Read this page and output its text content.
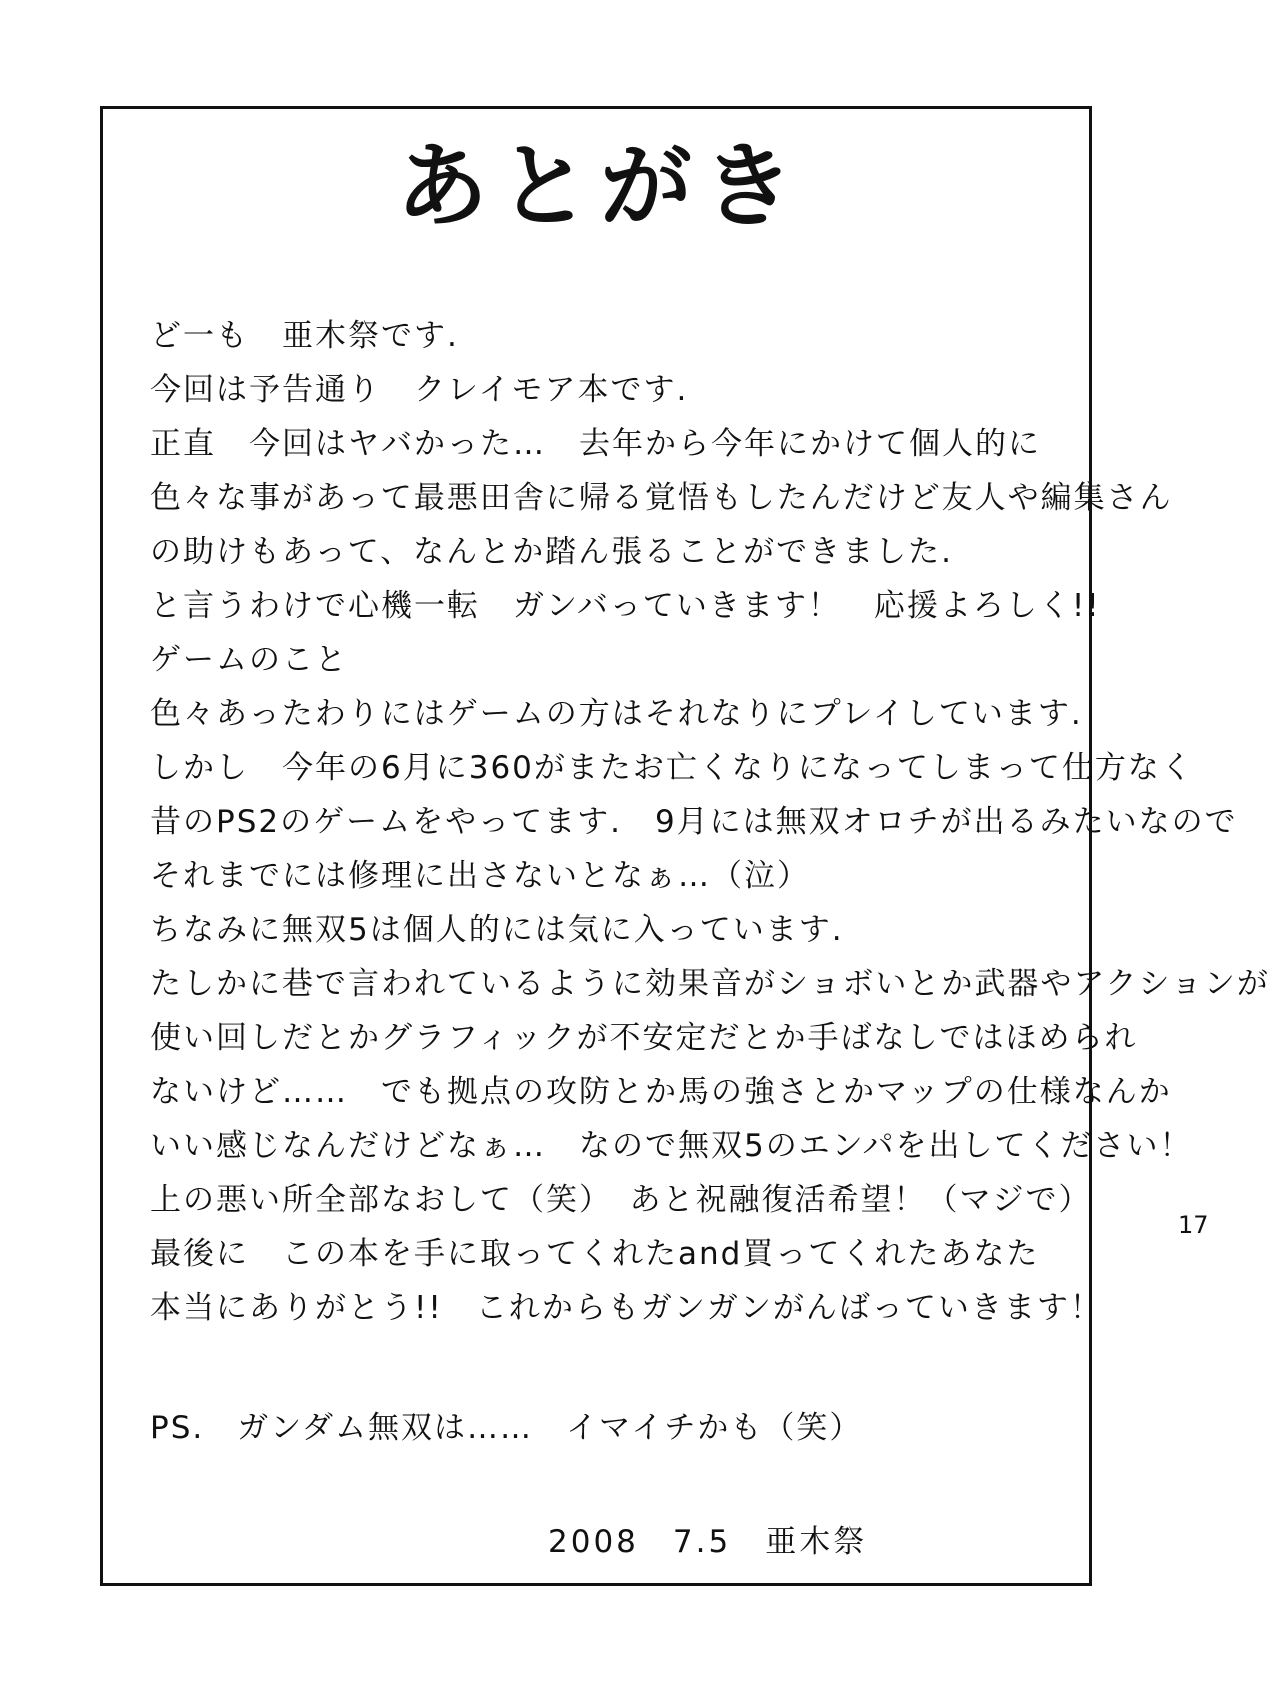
あとがき
ど一も　亜木祭です.
今回は予告通り　クレイモア本です.
正直　今回はヤバかった…　去年から今年にかけて個人的に
色々な事があって最悪田舎に帰る覚悟もしたんだけど友人や編集さん
の助けもあって、なんとか踏ん張ることができました.
と言うわけで心機一転　ガンバっていきます！　応援よろしく!!
ゲームのこと
色々あったわりにはゲームの方はそれなりにプレイしています.
しかし　今年の6月に360がまたお亡くなりになってしまって仕方なく
昔のPS2のゲームをやってます.　9月には無双オロチが出るみたいなので
それまでには修理に出さないとなぁ…（泣）
ちなみに無双5は個人的には気に入っています.
たしかに巷で言われているように効果音がショボいとか武器やアクションが
使い回しだとかグラフィックが不安定だとか手ばなしではほめられ
ないけど……　でも拠点の攻防とか馬の強さとかマップの仕様なんか
いい感じなんだけどなぁ…　なので無双5のエンパを出してください！
上の悪い所全部なおして（笑）　あと祝融復活希望！（マジで）
最後に　この本を手に取ってくれたand買ってくれたあなた
本当にありがとう!!　これからもガンガンがんばっていきます！
PS.　ガンダム無双は……　イマイチかも（笑）
2008　7.5　亜木祭
17
